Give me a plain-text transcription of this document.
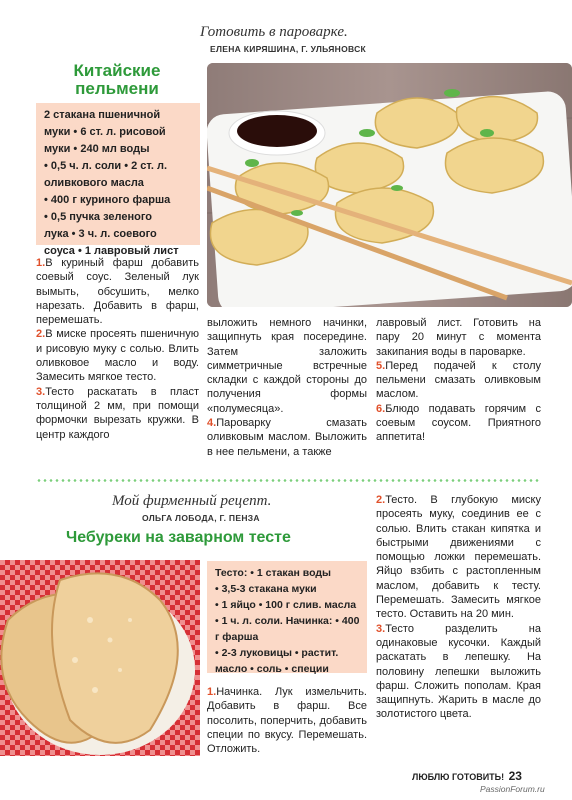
Готовить в пароварке.
ЕЛЕНА КИРЯШИНА, Г. УЛЬЯНОВСК
Китайские
пельмени
2 стакана пшеничной
муки • 6 ст. л. рисовой
муки • 240 мл воды
• 0,5 ч. л. соли • 2 ст. л.
оливкового масла
• 400 г куриного фарша
• 0,5 пучка зеленого
лука • 3 ч. л. соевого
соуса • 1 лавровый лист

1.В куриный фарш добавить соевый соус. Зеленый лук вымыть, обсушить, мелко нарезать. Добавить в фарш, перемешать.

2.В миске просеять пшеничную и рисовую муку с солью. Влить оливковое масло и воду. Замесить мягкое тесто.

3.Тесто раскатать в пласт толщиной 2 мм, при помощи формочки вырезать кружки. В центр каждого

выложить немного начинки, защипнуть края посередине. Затем заложить симметричные встречные складки с каждой стороны до получения формы «полумесяца».

4.Пароварку смазать оливковым маслом. Выложить в нее пельмени, а также

лавровый лист. Готовить на пару 20 минут с момента закипания воды в пароварке.

5.Перед подачей к столу пельмени смазать оливковым маслом.

6.Блюдо подавать горячим с соевым соусом. Приятного аппетита!

Мой фирменный рецепт.
ОЛЬГА ЛОБОДА, Г. ПЕНЗА
Чебуреки на заварном тесте
Тесто: • 1 стакан воды
• 3,5-3 стакана муки
• 1 яйцо • 100 г слив. масла • 1 ч. л. соли. Начинка: • 400 г фарша
• 2-3 луковицы • растит. масло • соль • специи

1.Начинка. Лук измельчить. Добавить в фарш. Все посолить, поперчить, добавить специи по вкусу. Перемешать. Отложить.

2.Тесто. В глубокую миску просеять муку, соединив ее с солью. Влить стакан кипятка и быстрыми движениями с помощью ложки перемешать. Яйцо взбить с растопленным маслом, добавить к тесту. Перемешать. Замесить мягкое тесто. Оставить на 20 мин.

3.Тесто разделить на одинаковые кусочки. Каждый раскатать в лепешку. На половину лепешки выложить фарш. Сложить пополам. Края защипнуть. Жарить в масле до золотистого цвета.

ЛЮБЛЮ ГОТОВИТЬ! 23
PassionForum.ru
